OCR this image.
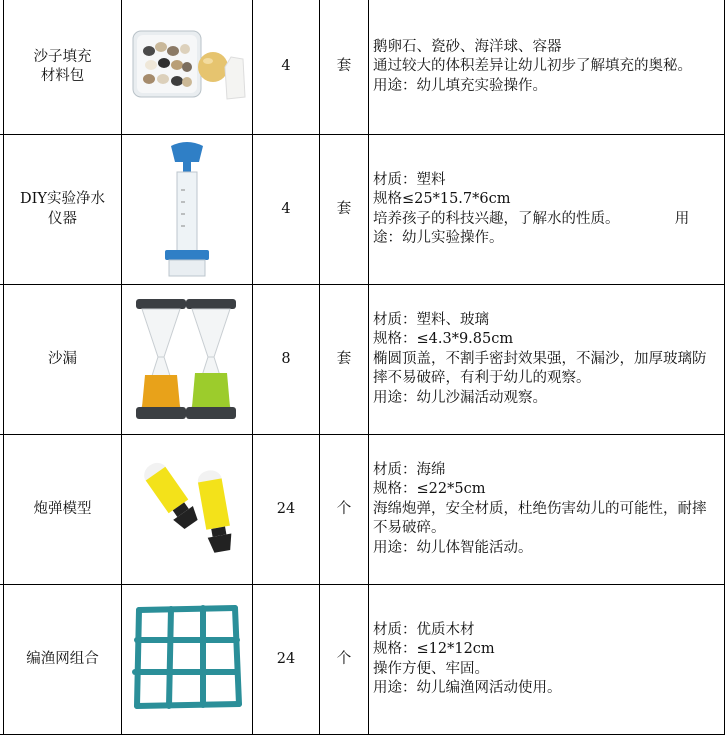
	沙子填充
材料包		4	套	鹅卵石、瓷砂、海洋球、容器
通过较大的体积差异让幼儿初步了解填充的奥秘。
用途：幼儿填充实验操作。

	DIY实验净水
仪器		4	套	材质：塑料
规格≤25*15.7*6cm
培养孩子的科技兴趣，了解水的性质。            用途：幼儿实验操作。

	沙漏		8	套	材质：塑料、玻璃
规格：≤4.3*9.85cm
椭圆顶盖，不割手密封效果强，不漏沙，加厚玻璃防摔不易破碎，有利于幼儿的观察。
用途：幼儿沙漏活动观察。

	炮弹模型		24	个	材质：海绵
规格：≤22*5cm
海绵炮弹，安全材质，杜绝伤害幼儿的可能性，耐摔不易破碎。
用途：幼儿体智能活动。

	编渔网组合		24	个	材质：优质木材
规格：≤12*12cm
操作方便、牢固。
用途：幼儿编渔网活动使用。
